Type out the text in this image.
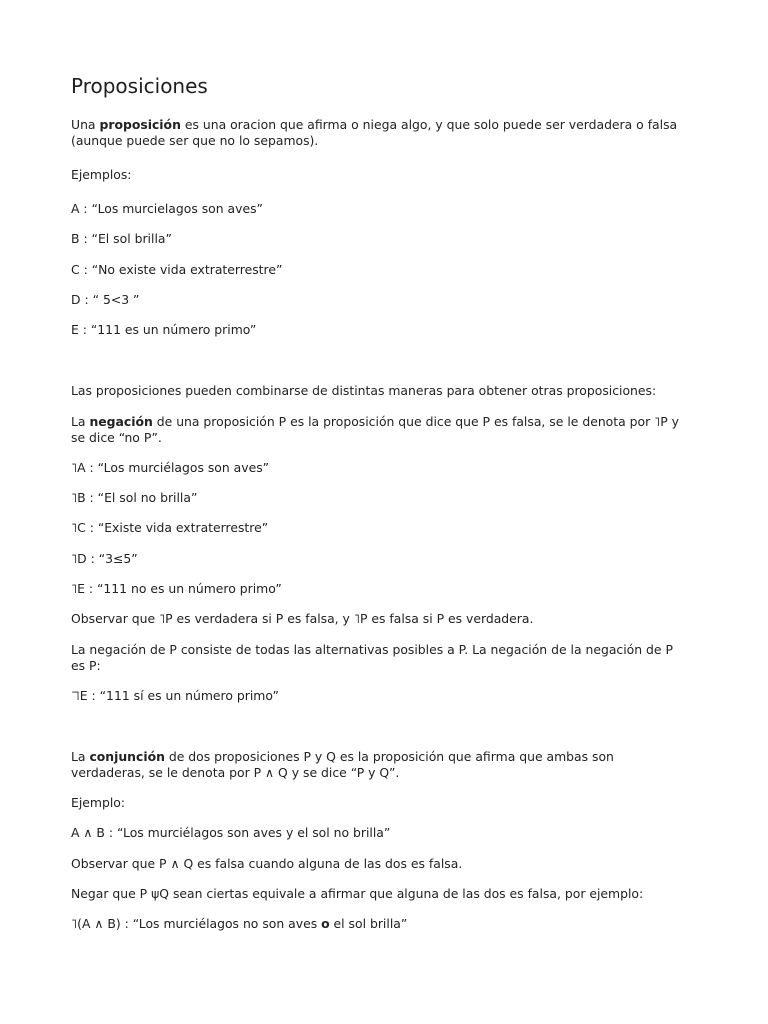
Proposiciones
Una proposición es una oracion que afirma o niega algo, y que solo puede ser verdadera o falsa
(aunque puede ser que no lo sepamos).
Ejemplos:
A : “Los murcielagos son aves”
B : “El sol brilla”
C : “No existe vida extraterrestre”
D : “ 5<3 ”
E : “111 es un número primo”
Las proposiciones pueden combinarse de distintas maneras para obtener otras proposiciones:
La negación de una proposición P es la proposición que dice que P es falsa, se le denota por ˥P y
se dice “no P”.
˥A : “Los murciélagos son aves”
˥B : “El sol no brilla”
˥C : “Existe vida extraterrestre”
˥D : “3≤5”
˥E : “111 no es un número primo”
Observar que ˥P es verdadera si P es falsa, y ˥P es falsa si P es verdadera.
La negación de P consiste de todas las alternativas posibles a P. La negación de la negación de P
es P:
˥˥E : “111 sí es un número primo”
La conjunción de dos proposiciones P y Q es la proposición que afirma que ambas son
verdaderas, se le denota por P ∧ Q y se dice “P y Q”.
Ejemplo:
A ∧ B : “Los murciélagos son aves y el sol no brilla”
Observar que P ∧ Q es falsa cuando alguna de las dos es falsa.
Negar que P ψQ sean ciertas equivale a afirmar que alguna de las dos es falsa, por ejemplo:
˥(A ∧ B) : “Los murciélagos no son aves o el sol brilla”
